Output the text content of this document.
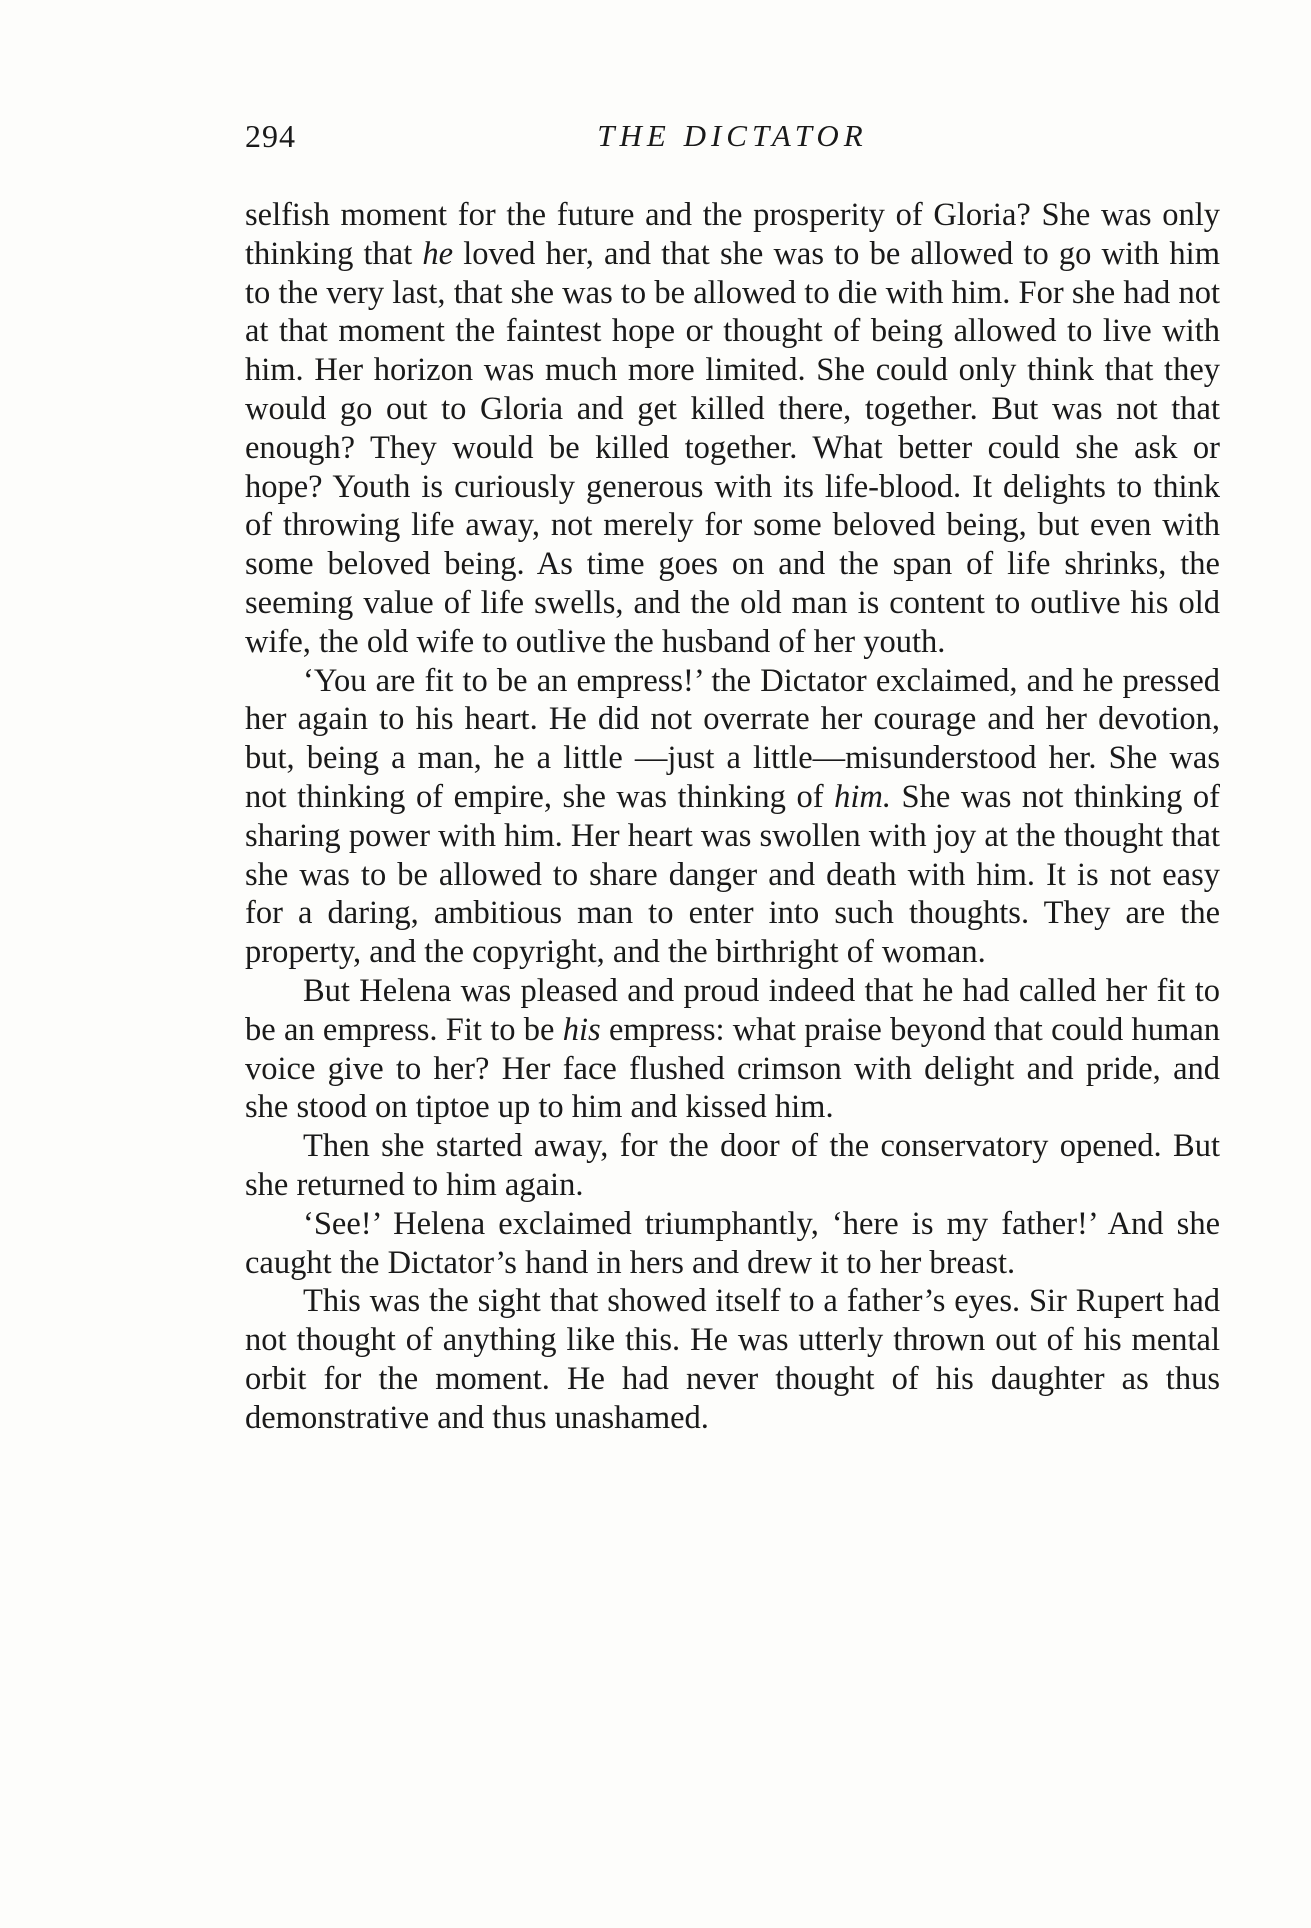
294	THE DICTATOR

selfish moment for the future and the prosperity of Gloria? She was only thinking that he loved her, and that she was to be allowed to go with him to the very last, that she was to be allowed to die with him. For she had not at that moment the faintest hope or thought of being allowed to live with him. Her horizon was much more limited. She could only think that they would go out to Gloria and get killed there, together. But was not that enough? They would be killed together. What better could she ask or hope? Youth is curiously generous with its life-blood. It delights to think of throwing life away, not merely for some beloved being, but even with some beloved being. As time goes on and the span of life shrinks, the seeming value of life swells, and the old man is content to outlive his old wife, the old wife to outlive the husband of her youth.

‘You are fit to be an empress!’ the Dictator exclaimed, and he pressed her again to his heart. He did not overrate her courage and her devotion, but, being a man, he a little —just a little—misunderstood her. She was not thinking of empire, she was thinking of him. She was not thinking of sharing power with him. Her heart was swollen with joy at the thought that she was to be allowed to share danger and death with him. It is not easy for a daring, ambitious man to enter into such thoughts. They are the property, and the copyright, and the birthright of woman.

But Helena was pleased and proud indeed that he had called her fit to be an empress. Fit to be his empress: what praise beyond that could human voice give to her? Her face flushed crimson with delight and pride, and she stood on tiptoe up to him and kissed him.

Then she started away, for the door of the conservatory opened. But she returned to him again.

‘See!’ Helena exclaimed triumphantly, ‘here is my father!’ And she caught the Dictator’s hand in hers and drew it to her breast.

This was the sight that showed itself to a father’s eyes. Sir Rupert had not thought of anything like this. He was utterly thrown out of his mental orbit for the moment. He had never thought of his daughter as thus demonstrative and thus unashamed.
